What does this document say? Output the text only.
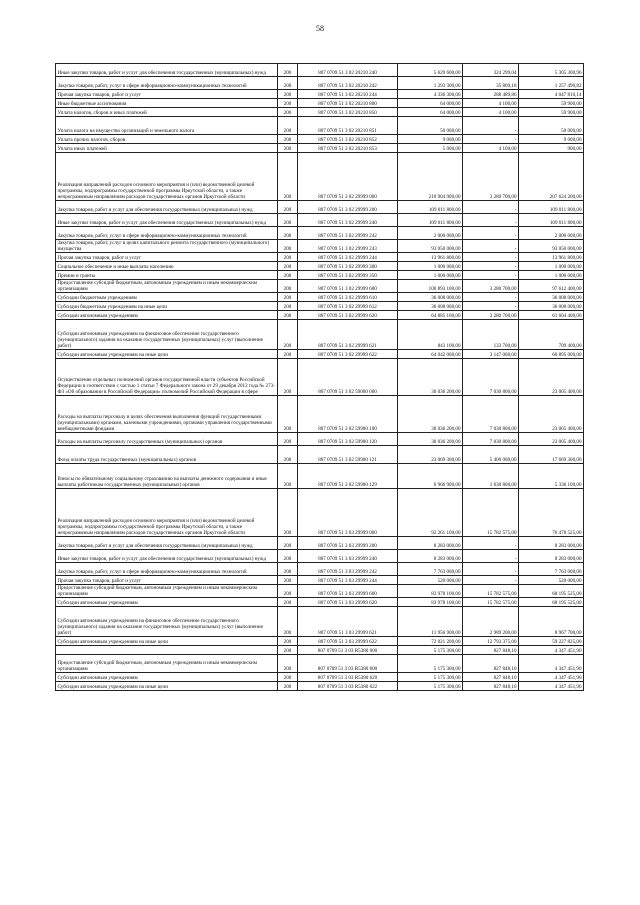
58
Иные закупки товаров, работ и услуг для обеспечения государственных (муниципальных) нужд	200	807 0709 51 3 02 20210 240	5 629 600,00	324 299,04	5 305 300,96
Закупка товаров, работ, услуг в сфере информационно-коммуникационных технологий	200	807 0709 51 3 02 20210 242	1 293 300,00	35 809,18	1 257 490,82
Прочая закупка товаров, работ и услуг	200	807 0709 51 3 02 20210 244	4 336 300,00	288 489,86	4 047 810,14
Иные бюджетные ассигнования	200	807 0709 51 3 02 20210 800	64 000,00	4 100,00	59 900,00
Уплата налогов, сборов и иных платежей	200	807 0709 51 3 02 20210 850	64 000,00	4 100,00	59 900,00
Уплата налога на имущество организаций и земельного налога	200	807 0709 51 3 02 20210 851	50 000,00	-	50 000,00
Уплата прочих налогов, сборов	200	807 0709 51 3 02 20210 852	9 000,00	-	9 000,00
Уплата иных платежей	200	807 0709 51 3 02 20210 853	5 000,00	4 100,00	900,00
Реализация направлений расходов основного мероприятия и (или) ведомственной целевой программы, подпрограммы государственной программы Иркутской области, а также непрограммным направлениям расходов государственных органов Иркутской области	200	807 0709 51 3 02 29999 000	210 904 900,00	3 280 700,00	207 624 200,00
Закупка товаров, работ и услуг для обеспечения государственных (муниципальных) нужд	200	807 0709 51 3 02 29999 200	109 011 800,00	-	109 011 800,00
Иные закупки товаров, работ и услуг для обеспечения государственных (муниципальных) нужд	200	807 0709 51 3 02 29999 240	109 011 800,00	-	109 011 800,00
Закупка товаров, работ, услуг в сфере информационно-коммуникационных технологий	200	807 0709 51 3 02 29999 242	2 000 000,00	-	2 000 000,00
Закупка товаров, работ, услуг в целях капитального ремонта государственного (муниципального) имущества	200	807 0709 51 3 02 29999 243	93 050 000,00	-	93 050 000,00
Прочая закупка товаров, работ и услуг	200	807 0709 51 3 02 29999 244	13 961 800,00	-	13 961 800,00
Социальное обеспечение и иные выплаты населению	200	807 0709 51 3 02 29999 300	1 000 000,00	-	1 000 000,00
Премии и гранты	200	807 0709 51 3 02 29999 350	1 000 000,00	-	1 000 000,00
Предоставление субсидий бюджетным, автономным учреждениям и иным некоммерческим организациям	200	807 0709 51 3 02 29999 600	100 893 100,00	3 280 700,00	97 612 400,00
Субсидии бюджетным учреждениям	200	807 0709 51 3 02 29999 610	36 008 000,00	-	36 008 000,00
Субсидии бюджетным учреждениям на иные цели	200	807 0709 51 3 02 29999 612	36 008 000,00	-	36 008 000,00
Субсидии автономным учреждениям	200	807 0709 51 3 02 29999 620	64 885 100,00	3 280 700,00	61 604 400,00
Субсидии автономным учреждениям на финансовое обеспечение государственного (муниципального) задания на оказание государственных (муниципальных) услуг (выполнение работ)	200	807 0709 51 3 02 29999 621	843 100,00	133 700,00	709 400,00
Субсидии автономным учреждениям на иные цели	200	807 0709 51 3 02 29999 622	64 042 000,00	3 147 000,00	60 895 000,00
Осуществление отдельных полномочий органов государственной власти субъектов Российской Федерации в соответствии с частью 1 статьи 7 Федерального закона от 29 декабря 2012 года № 273-ФЗ «Об образовании в Российской Федерации» полномочий Российской Федерации в сфере	200	807 0709 51 3 02 59000 000	30 036 200,00	7 030 800,00	23 005 400,00
Расходы на выплаты персоналу в целях обеспечения выполнения функций государственными (муниципальными) органами, казенными учреждениями, органами управления государственными внебюджетными фондами	200	807 0709 51 3 02 59900 100	30 036 200,00	7 030 800,00	23 005 400,00
Расходы на выплаты персоналу государственных (муниципальных) органов	200	807 0709 51 3 02 59900 120	30 036 200,00	7 030 800,00	23 005 400,00
Фонд оплаты труда государственных (муниципальных) органов	200	807 0709 51 3 02 59900 121	23 069 300,00	5 400 000,00	17 669 300,00
Взносы по обязательному социальному страхованию на выплаты денежного содержания и иные выплаты работникам государственных (муниципальных) органов	200	807 0709 51 3 02 59900 129	6 966 900,00	1 630 800,00	5 336 100,00
Реализация направлений расходов основного мероприятия и (или) ведомственной целевой программы, подпрограммы государственной программы Иркутской области, а также непрограммным направлениям расходов государственных органов Иркутской области	200	807 0709 51 3 03 29999 000	92 261 100,00	15 782 575,00	76 478 525,00
Закупка товаров, работ и услуг для обеспечения государственных (муниципальных) нужд	200	807 0709 51 3 03 29999 200	8 283 000,00	-	8 283 000,00
Иные закупки товаров, работ и услуг для обеспечения государственных (муниципальных) нужд	200	807 0709 51 3 03 29999 240	8 283 000,00	-	8 283 000,00
Закупка товаров, работ, услуг в сфере информационно-коммуникационных технологий	200	807 0709 51 3 03 29999 242	7 763 000,00	-	7 763 000,00
Прочая закупка товаров, работ и услуг	200	807 0709 51 3 03 29999 244	520 000,00	-	520 000,00
Предоставление субсидий бюджетным, автономным учреждениям и иным некоммерческим организациям	200	807 0709 51 3 03 29999 600	83 978 100,00	15 782 575,00	68 195 525,00
Субсидии автономным учреждениям	200	807 0709 51 3 03 29999 620	83 978 100,00	15 782 575,00	68 195 525,00
Субсидии автономным учреждениям на финансовое обеспечение государственного (муниципального) задания на оказание государственных (муниципальных) услуг (выполнение работ)	200	807 0709 51 3 03 29999 621	11 956 900,00	2 989 200,00	8 967 700,00
Субсидии автономным учреждениям на иные цели	200	807 0709 51 3 03 29999 622	72 021 200,00	12 793 375,00	59 227 825,00
	200	807 0709 51 3 03 R5380 000	5 175 300,00	827 848,10	4 347 451,90
Предоставление субсидий бюджетным, автономным учреждениям и иным некоммерческим организациям	200	807 0709 51 3 03 R5380 600	5 175 300,00	827 848,10	4 347 451,90
Субсидии автономным учреждениям	200	807 0709 51 3 03 R5380 620	5 175 300,00	827 848,10	4 347 451,90
Субсидии автономным учреждениям на иные цели	200	807 0709 51 3 03 R5380 622	5 175 300,00	827 848,10	4 347 451,90
